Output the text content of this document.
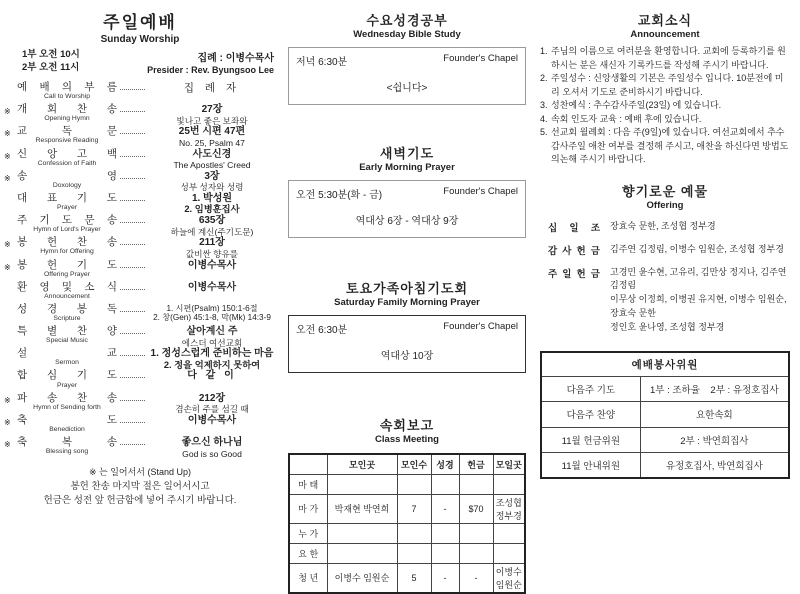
주일예배
Sunday Worship
1부 오전 10시
2부 오전 11시
집례 : 이병수목사
Presider : Rev. Byungsoo Lee
예 배 의 부 름
Call to Worship
집 례 자
※ 개 회 찬 송
Opening Hymn
27장
빛나고 좋은 보좌와
※ 교 독 문
Responsive Reading
25번 시편 47편
No. 25, Psalm 47
※ 신 앙 고 백
Confession of Faith
사도신경
The Apostles' Creed
※ 송 영
Doxology
3장
성부 성자와 성령
대 표 기 도
Prayer
1. 박성원
2. 임병훈집사
주 기 도 문 송
Hymn of Lord's Prayer
635장
하늘에 계신(주기도문)
※ 봉 헌 찬 송
Hymn for Offering
211장
값비싼 향유를
※ 봉 헌 기 도
Offering Prayer
이병수목사
환 영 및 소 식
Announcement
이병수목사
성 경 봉 독
Scripture
1. 시편(Psalm) 150:1-6절
2. 창(Gen) 45:1-8, 막(Mk) 14:3-9
특 별 찬 양
Special Music
살아계신 주
에스더 여선교회
설 교
Sermon
1. 정성스럽게 준비하는 마음
2. 정을 억제하지 못하여
합 심 기 도
Prayer
다 같 이
※ 파 송 찬 송
Hymn of Sending forth
212장
겸손히 주를 섬길 때
※ 축 도
Benediction
이병수목사
※ 축 복 송
Blessing song
좋으신 하나님
God is so Good
※ 는 일어서서 (Stand Up)
봉헌 찬송 마지막 절은 일어서시고
헌금은 성전 앞 헌금함에 넣어 주시기 바랍니다.
수요성경공부
Wednesday Bible Study
저녁 6:30분	Founder's Chapel
<쉽니다>
새벽기도
Early Morning Prayer
오전 5:30분(화 - 금)	Founder's Chapel
역대상 6장 - 역대상 9장
토요가족아침기도회
Saturday Family Morning Prayer
오전 6:30분	Founder's Chapel
역대상 10장
속회보고
Class Meeting
	모인곳	모인수	성경	헌금	모일곳
마 태					
마 가	박재현 박연희	7	-	$70	조성협 정부경
누 가					
요 한					
청 년	이병수 임원순	5	-	-	이병수 임원순
교회소식
Announcement
1. 주님의 이름으로 여러분을 환영합니다. 교회에 등록하기를 원하시는 분은 새신자 기록카드를 작성해 주시기 바랍니다.
2. 주일성수 : 신앙생활의 기본은 주일성수 입니다. 10분전에 미리 오셔서 기도로 준비하시기 바랍니다.
3. 성찬예식 : 추수감사주일(23일) 에 있습니다.
4. 속회 인도자 교육 : 예배 후에 있습니다.
5. 선교회 월례회 : 다음 주(9일)에 있습니다. 여선교회에서 추수감사주일 애찬 여부를 결정해 주시고, 애찬을 하신다면 방법도 의논해 주시기 바랍니다.
향기로운 예물
Offering
십 일 조 장효숙 문한, 조성협 정부경
감 사 헌 금 김주연 김정림, 이병수 임원순, 조성협 정부경
주 일 헌 금 고경민 윤수현, 고유리, 김만상 정지나, 김주연 김정림
이무상 이정희, 이병권 유지현, 이병수 임원순, 장효숙 문한
정인호 윤나영, 조성협 정부경
예배봉사위원	
다음주 기도	1부 : 조하율    2부 : 유정호집사
다음주 찬양	요한속회
11월 헌금위원	2부 : 박연희집사
11월 안내위원	유정호집사, 박연희집사
